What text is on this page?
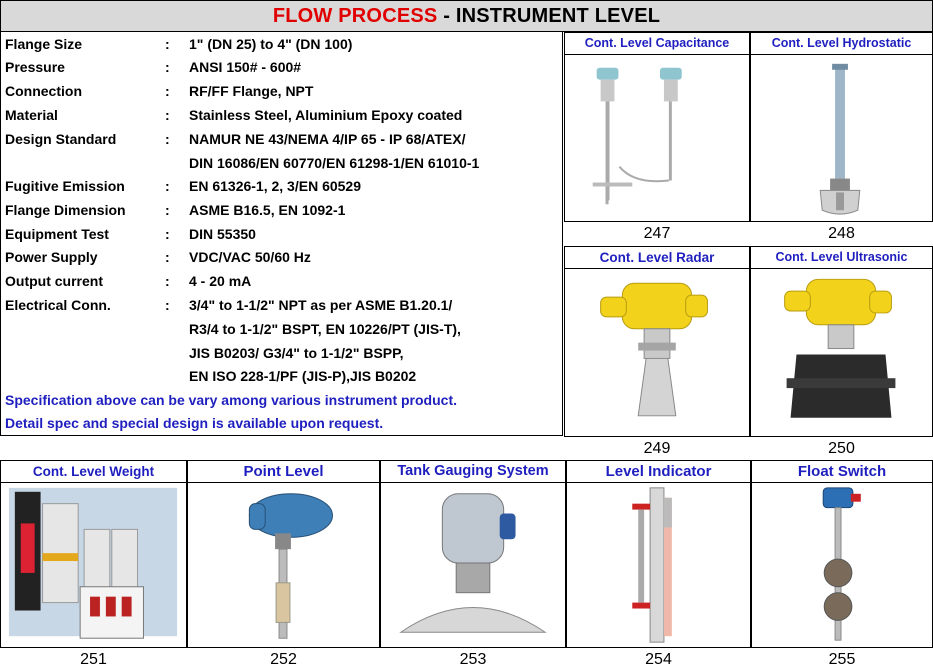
FLOW PROCESS - INSTRUMENT LEVEL
Flange Size	:	1" (DN 25) to 4" (DN 100)
Pressure	:	ANSI 150# - 600#
Connection	:	RF/FF Flange, NPT
Material	:	Stainless Steel, Aluminium Epoxy coated
Design Standard	:	NAMUR NE 43/NEMA 4/IP 65 - IP 68/ATEX/
DIN 16086/EN 60770/EN 61298-1/EN 61010-1
Fugitive Emission	:	EN 61326-1, 2, 3/EN 60529
Flange Dimension	:	ASME B16.5, EN 1092-1
Equipment Test	:	DIN 55350
Power Supply	:	VDC/VAC 50/60 Hz
Output current	:	4 - 20 mA
Electrical Conn.	:	3/4" to 1-1/2" NPT as per ASME B1.20.1/
R3/4 to 1-1/2" BSPT, EN 10226/PT (JIS-T),
JIS B0203/ G3/4" to 1-1/2" BSPP,
EN ISO 228-1/PF (JIS-P),JIS B0202
Specification above can be vary among various instrument product.
Detail spec and special design is available upon request.
Cont. Level Capacitance
247
Cont. Level Hydrostatic
248
Cont. Level Radar
249
Cont. Level Ultrasonic
250
Cont. Level Weight
251
Point Level
252
Tank Gauging System
253
Level Indicator
254
Float Switch
255
